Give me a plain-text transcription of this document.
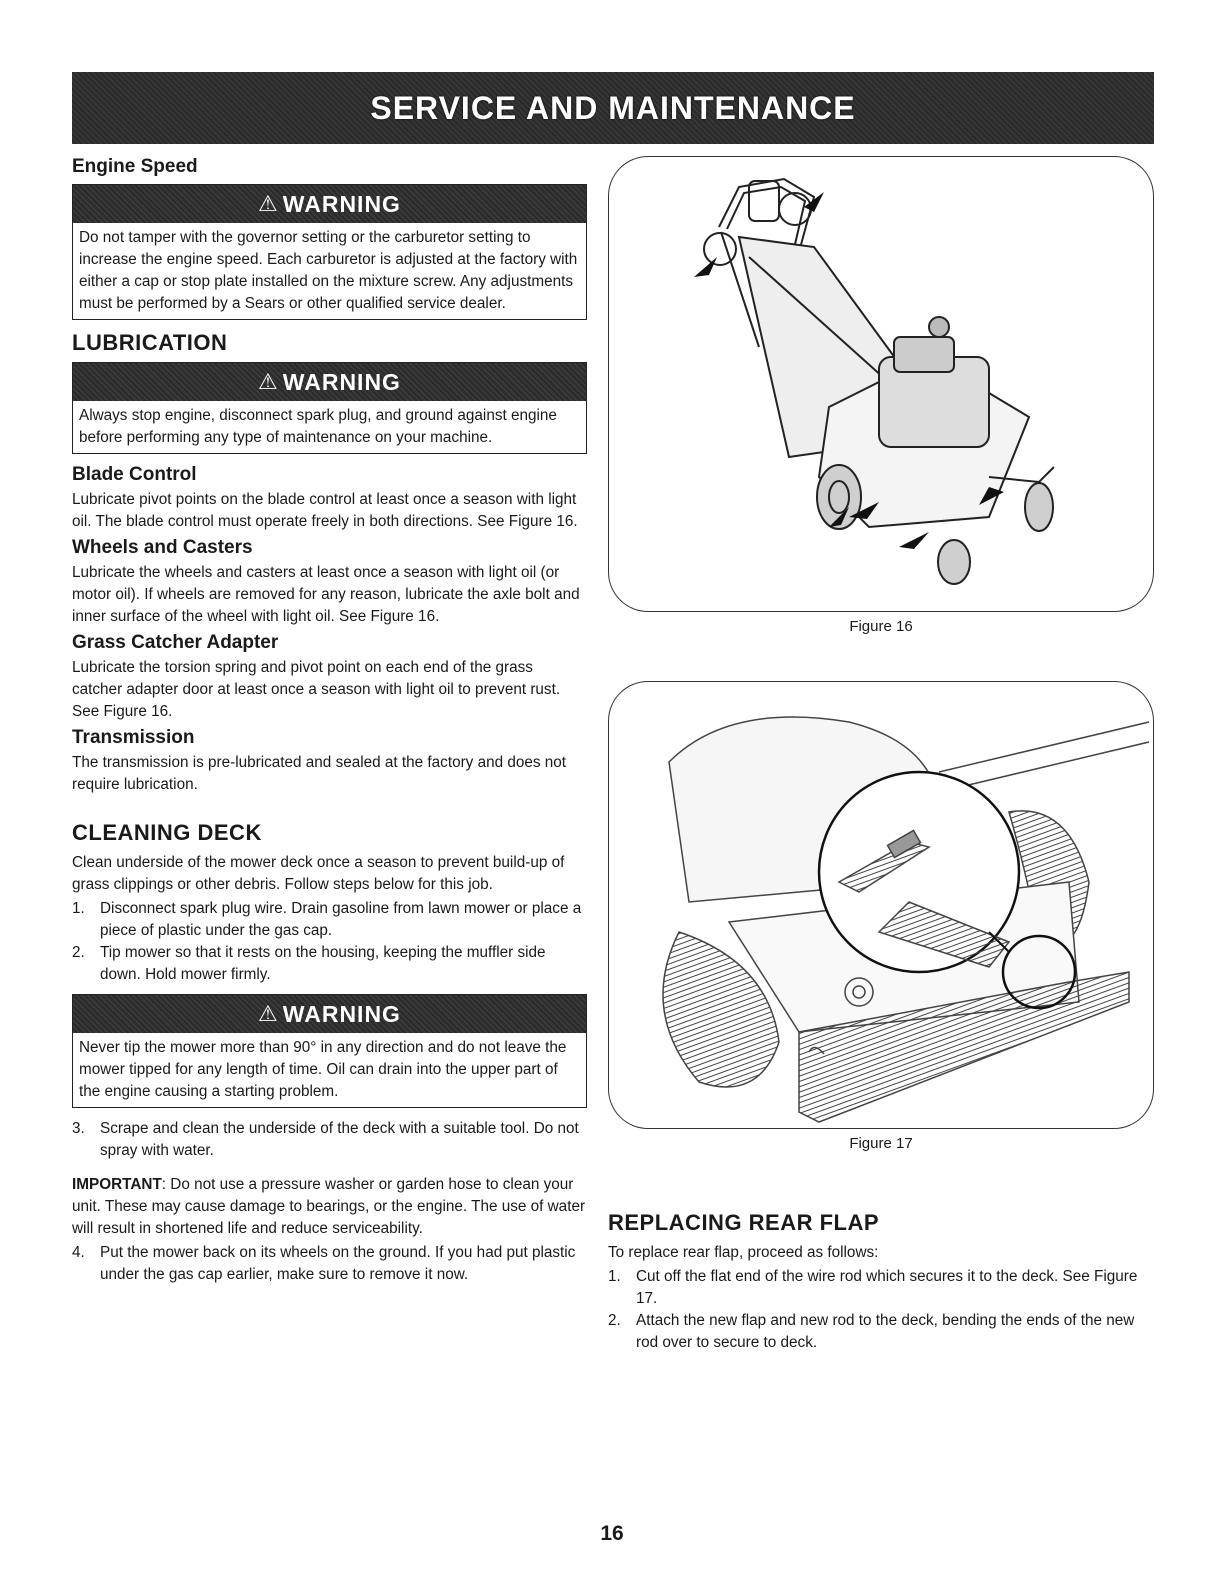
SERVICE AND MAINTENANCE
Engine Speed
⚠ WARNING

Do not tamper with the governor setting or the carburetor setting to increase the engine speed. Each carburetor is adjusted at the factory with either a cap or stop plate installed on the mixture screw. Any adjustments must be performed by a Sears or other qualified service dealer.

LUBRICATION
⚠ WARNING

Always stop engine, disconnect spark plug, and ground against engine before performing any type of maintenance on your machine.

Blade Control

Lubricate pivot points on the blade control at least once a season with light oil. The blade control must operate freely in both directions. See Figure 16.

Wheels and Casters

Lubricate the wheels and casters at least once a season with light oil (or motor oil). If wheels are removed for any reason, lubricate the axle bolt and inner surface of the wheel with light oil. See Figure 16.

Grass Catcher Adapter

Lubricate the torsion spring and pivot point on each end of the grass catcher adapter door at least once a season with light oil to prevent rust. See Figure 16.

Transmission

The transmission is pre-lubricated and sealed at the factory and does not require lubrication.

CLEANING DECK

Clean underside of the mower deck once a season to prevent build-up of grass clippings or other debris. Follow steps below for this job.

1. Disconnect spark plug wire. Drain gasoline from lawn mower or place a piece of plastic under the gas cap.
2. Tip mower so that it rests on the housing, keeping the muffler side down. Hold mower firmly.
⚠ WARNING

Never tip the mower more than 90° in any direction and do not leave the mower tipped for any length of time. Oil can drain into the upper part of the engine causing a starting problem.

3. Scrape and clean the underside of the deck with a suitable tool. Do not spray with water.

IMPORTANT: Do not use a pressure washer or garden hose to clean your unit. These may cause damage to bearings, or the engine. The use of water will result in shortened life and reduce serviceability.

4. Put the mower back on its wheels on the ground. If you had put plastic under the gas cap earlier, make sure to remove it now.
Figure 16
Figure 17
REPLACING REAR FLAP

To replace rear flap, proceed as follows:

1. Cut off the flat end of the wire rod which secures it to the deck. See Figure 17.
2. Attach the new flap and new rod to the deck, bending the ends of the new rod over to secure to deck.
16
